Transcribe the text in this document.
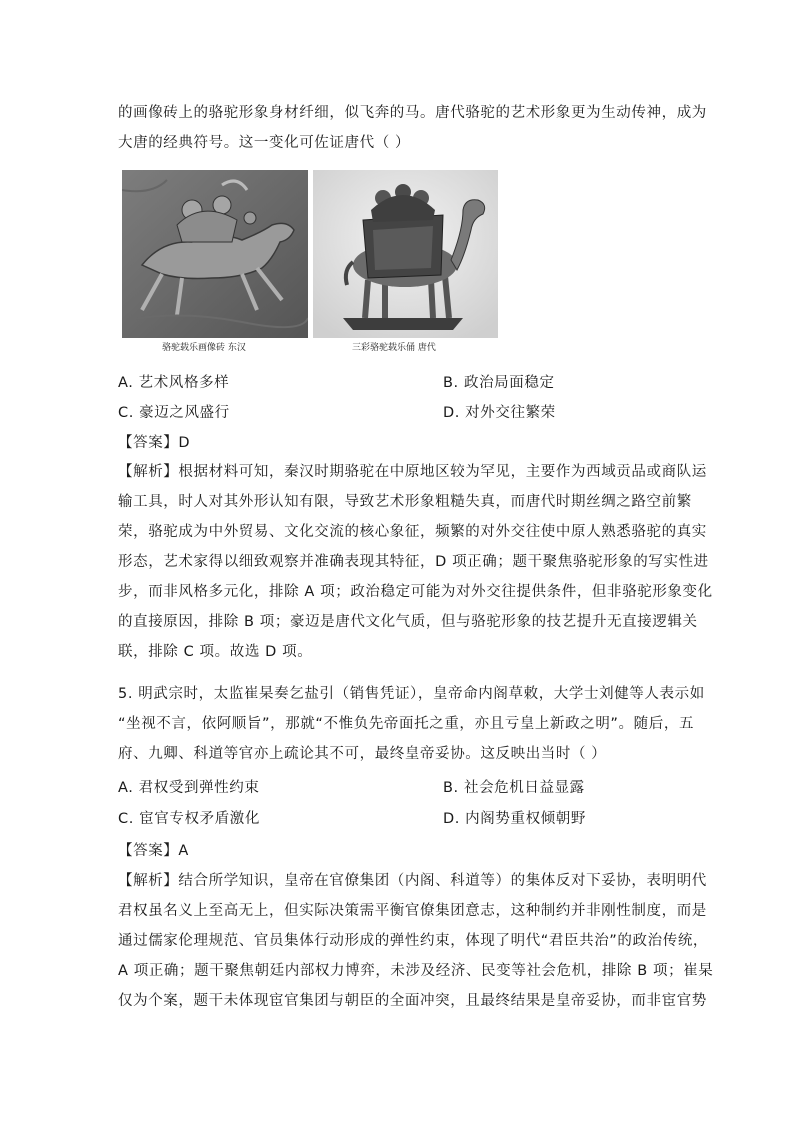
的画像砖上的骆驼形象身材纤细，似飞奔的马。唐代骆驼的艺术形象更为生动传神，成为
大唐的经典符号。这一变化可佐证唐代（ ）
骆驼载乐画像砖 东汉	三彩骆驼载乐俑 唐代
A. 艺术风格多样	B. 政治局面稳定
C. 豪迈之风盛行	D. 对外交往繁荣
【答案】D
【解析】根据材料可知，秦汉时期骆驼在中原地区较为罕见，主要作为西域贡品或商队运
输工具，时人对其外形认知有限，导致艺术形象粗糙失真，而唐代时期丝绸之路空前繁
荣，骆驼成为中外贸易、文化交流的核心象征，频繁的对外交往使中原人熟悉骆驼的真实
形态，艺术家得以细致观察并准确表现其特征，D 项正确；题干聚焦骆驼形象的写实性进
步，而非风格多元化，排除 A 项；政治稳定可能为对外交往提供条件，但非骆驼形象变化
的直接原因，排除 B 项；豪迈是唐代文化气质，但与骆驼形象的技艺提升无直接逻辑关
联，排除 C 项。故选 D 项。
5. 明武宗时，太监崔杲奏乞盐引（销售凭证），皇帝命内阁草敕，大学士刘健等人表示如
“坐视不言，依阿顺旨”，那就“不惟负先帝面托之重，亦且亏皇上新政之明”。随后，五
府、九卿、科道等官亦上疏论其不可，最终皇帝妥协。这反映出当时（ ）
A. 君权受到弹性约束	B. 社会危机日益显露
C. 宦官专权矛盾激化	D. 内阁势重权倾朝野
【答案】A
【解析】结合所学知识，皇帝在官僚集团（内阁、科道等）的集体反对下妥协，表明明代
君权虽名义上至高无上，但实际决策需平衡官僚集团意志，这种制约并非刚性制度，而是
通过儒家伦理规范、官员集体行动形成的弹性约束，体现了明代“君臣共治”的政治传统，
A 项正确；题干聚焦朝廷内部权力博弈，未涉及经济、民变等社会危机，排除 B 项；崔杲
仅为个案，题干未体现宦官集团与朝臣的全面冲突，且最终结果是皇帝妥协，而非宦官势
